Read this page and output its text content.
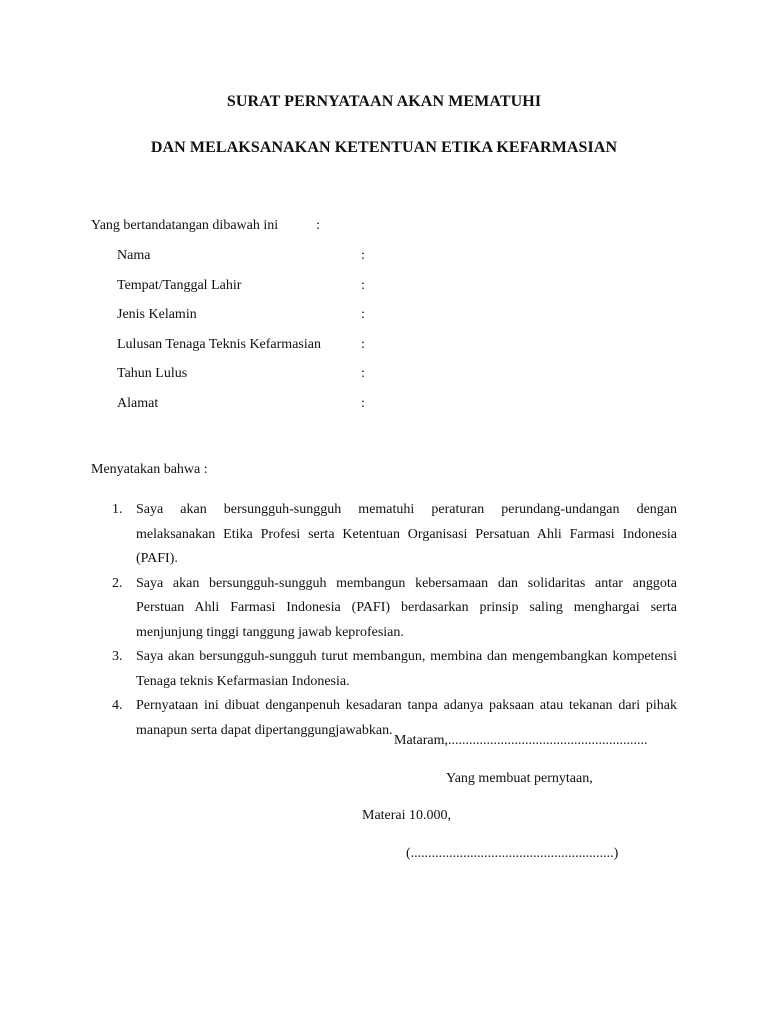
SURAT PERNYATAAN AKAN MEMATUHI
DAN MELAKSANAKAN KETENTUAN ETIKA KEFARMASIAN
Yang bertandatangan dibawah ini	:
Nama	:
Tempat/Tanggal Lahir	:
Jenis Kelamin	:
Lulusan Tenaga Teknis Kefarmasian	:
Tahun Lulus	:
Alamat	:
Menyatakan bahwa :
1. Saya akan bersungguh-sungguh mematuhi peraturan perundang-undangan dengan melaksanakan Etika Profesi serta Ketentuan Organisasi Persatuan Ahli Farmasi Indonesia (PAFI).
2. Saya akan bersungguh-sungguh membangun kebersamaan dan solidaritas antar anggota Perstuan Ahli Farmasi Indonesia (PAFI) berdasarkan prinsip saling menghargai serta menjunjung tinggi tanggung jawab keprofesian.
3. Saya akan bersungguh-sungguh turut membangun, membina dan mengembangkan kompetensi Tenaga teknis Kefarmasian Indonesia.
4. Pernyataan ini dibuat denganpenuh kesadaran tanpa adanya paksaan atau tekanan dari pihak manapun serta dapat dipertanggungjawabkan.
Mataram,.........................................................
Yang membuat pernytaan,
Materai 10.000,
(..........................................................)
